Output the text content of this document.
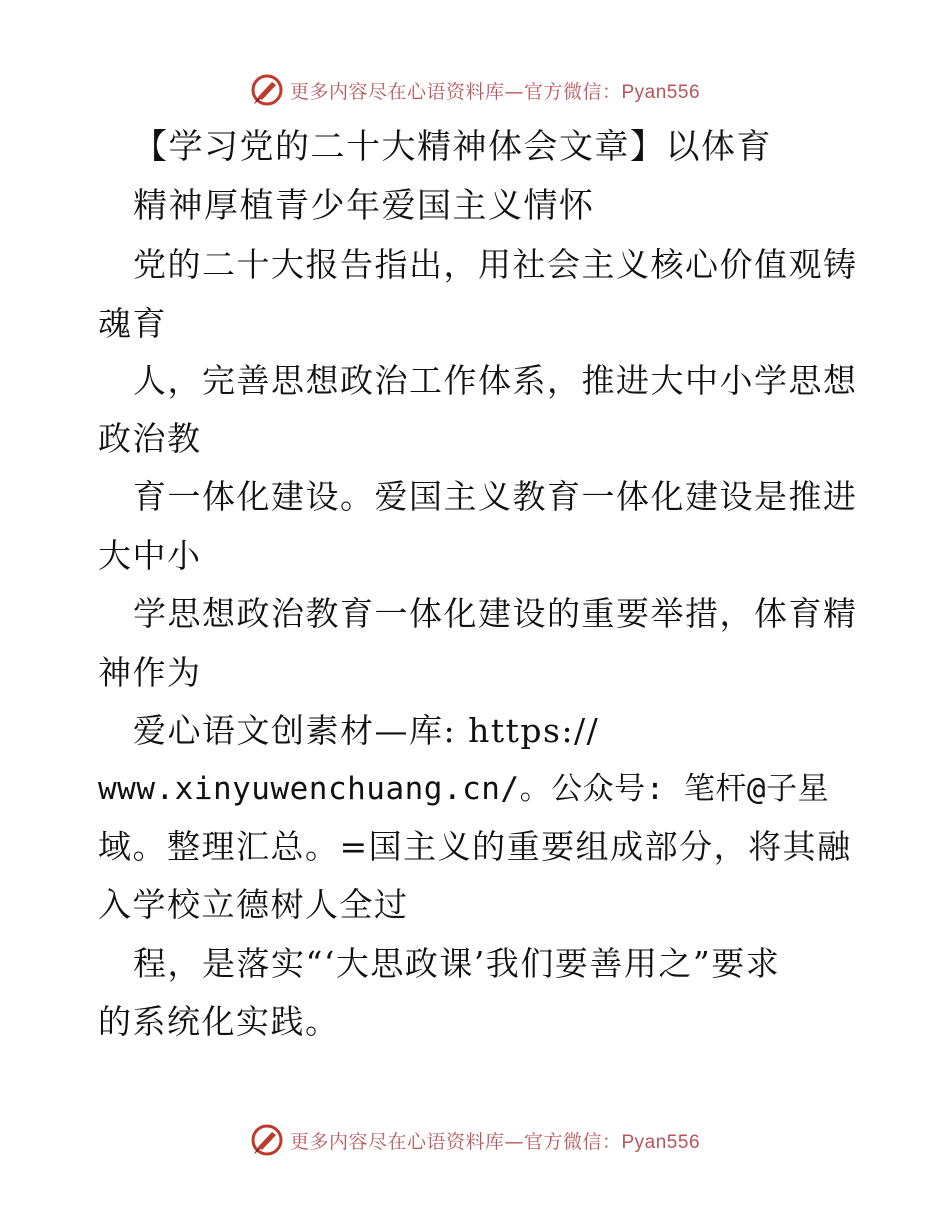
更多内容尽在心语资料库—官方微信：Pyan556
【学习党的二十大精神体会文章】以体育
精神厚植青少年爱国主义情怀
党的二十大报告指出，用社会主义核心价值观铸
魂育
人，完善思想政治工作体系，推进大中小学思想
政治教
育一体化建设。爱国主义教育一体化建设是推进
大中小
学思想政治教育一体化建设的重要举措，体育精
神作为
爱心语文创素材—库: https://
www.xinyuwenchuang.cn/。公众号: 笔杆@子星
域。整理汇总。=国主义的重要组成部分，将其融
入学校立德树人全过
程，是落实“‘大思政课’我们要善用之”要求
的系统化实践。
更多内容尽在心语资料库—官方微信：Pyan556
